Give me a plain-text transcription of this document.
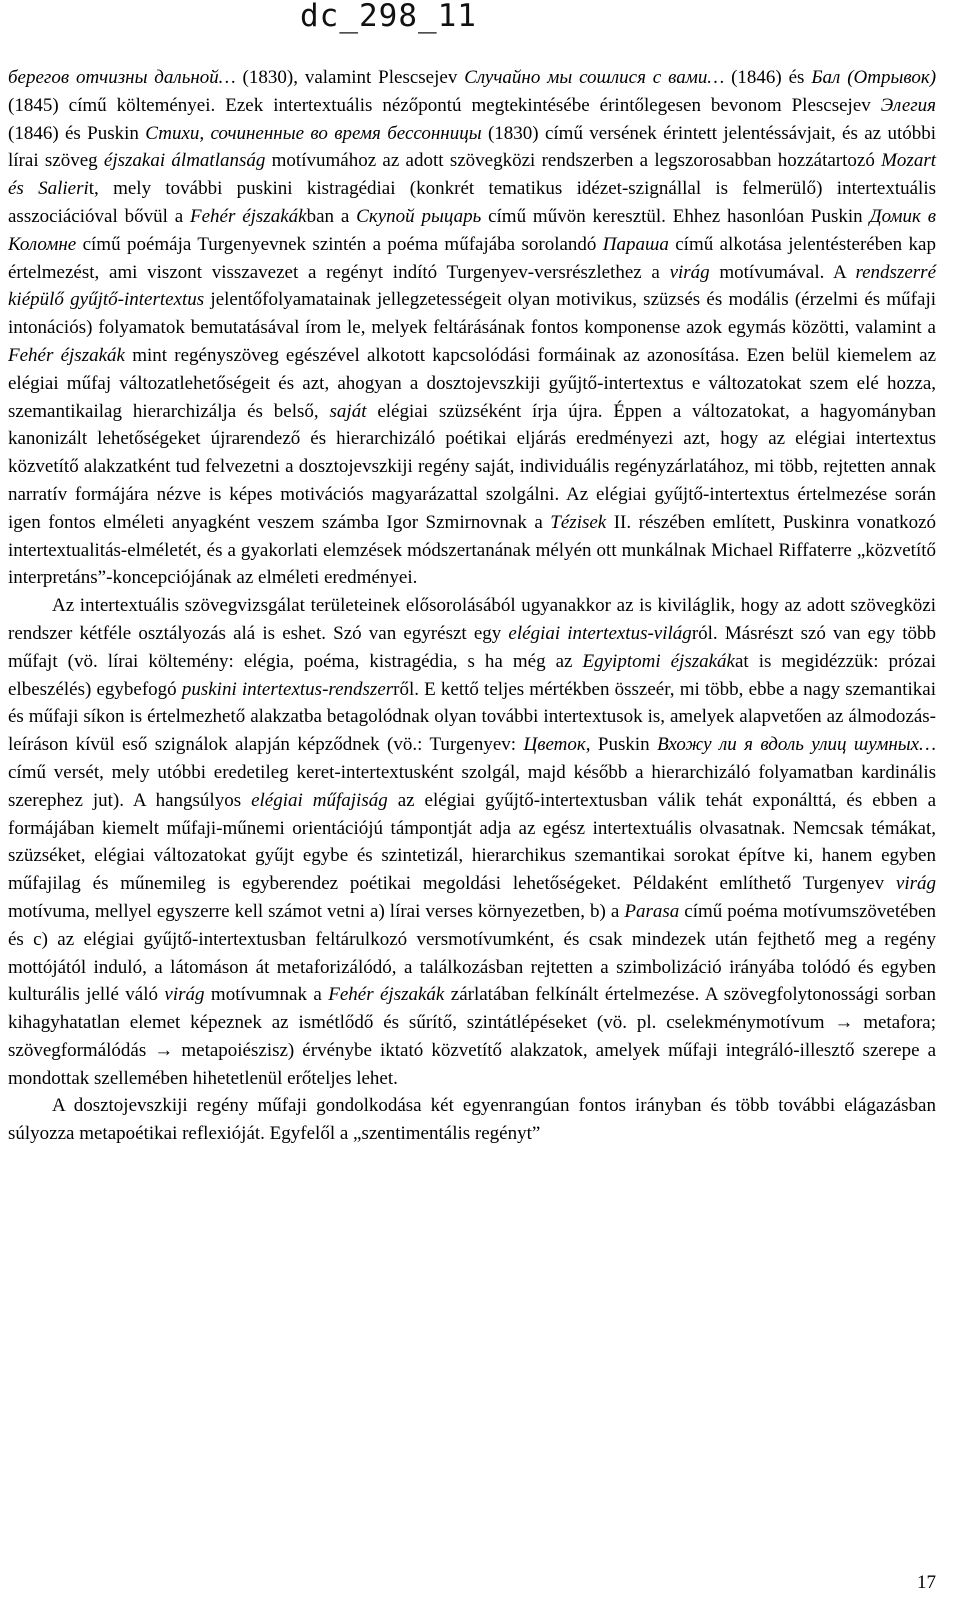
dc_298_11

берегов отчизны дальной… (1830), valamint Plescsejev Случайно мы сошлися с вами… (1846) és Бал (Отрывок) (1845) című költeményei. Ezek intertextuális nézőpontú megtekintésébe érintőlegesen bevonom Plescsejev Элегия (1846) és Puskin Стихи, сочиненные во время бессонницы (1830) című versének érintett jelentéssávjait, és az utóbbi lírai szöveg éjszakai álmatlanság motívumához az adott szövegközi rendszerben a legszorosabban hozzátartozó Mozart és Salierit, mely további puskini kistragédiai (konkrét tematikus idézet-szignállal is felmerülő) intertextuális asszociációval bővül a Fehér éjszakákban a Скупой рыцарь című művön keresztül. Ehhez hasonlóan Puskin Домик в Коломне című poémája Turgenyevnek szintén a poéma műfajába sorolandó Параша című alkotása jelentésterében kap értelmezést, ami viszont visszavezet a regényt indító Turgenyev-versrészlethez a virág motívumával. A rendszerré kiépülő gyűjtő-intertextus jelentőfolyamatainak jellegzetességeit olyan motivikus, szüzsés és modális (érzelmi és műfaji intonációs) folyamatok bemutatásával írom le, melyek feltárásának fontos komponense azok egymás közötti, valamint a Fehér éjszakák mint regényszöveg egészével alkotott kapcsolódási formáinak az azonosítása. Ezen belül kiemelem az elégiai műfaj változatlehetőségeit és azt, ahogyan a dosztojevszkiji gyűjtő-intertextus e változatokat szem elé hozza, szemantikailag hierarchizálja és belső, saját elégiai szüzséként írja újra. Éppen a változatokat, a hagyományban kanonizált lehetőségeket újrarendező és hierarchizáló poétikai eljárás eredményezi azt, hogy az elégiai intertextus közvetítő alakzatként tud felvezetni a dosztojevszkiji regény saját, individuális regényzárlatához, mi több, rejtetten annak narratív formájára nézve is képes motivációs magyarázattal szolgálni. Az elégiai gyűjtő-intertextus értelmezése során igen fontos elméleti anyagként veszem számba Igor Szmirnovnak a Tézisek II. részében említett, Puskinra vonatkozó intertextualitás-elméletét, és a gyakorlati elemzések módszertanának mélyén ott munkálnak Michael Riffaterre „közvetítő interpretáns”-koncepciójának az elméleti eredményei.

Az intertextuális szövegvizsgálat területeinek elősorolásából ugyanakkor az is kiviláglik, hogy az adott szövegközi rendszer kétféle osztályozás alá is eshet. Szó van egyrészt egy elégiai intertextus-világról. Másrészt szó van egy több műfajt (vö. lírai költemény: elégia, poéma, kistragédia, s ha még az Egyiptomi éjszakákat is megidézzük: prózai elbeszélés) egybefogó puskini intertextus-rendszerről. E kettő teljes mértékben összeér, mi több, ebbe a nagy szemantikai és műfaji síkon is értelmezhető alakzatba betagolódnak olyan további intertextusok is, amelyek alapvetően az álmodozás-leíráson kívül eső szignálok alapján képződnek (vö.: Turgenyev: Цветок, Puskin Вхожу ли я вдоль улиц шумных… című versét, mely utóbbi eredetileg keret-intertextusként szolgál, majd később a hierarchizáló folyamatban kardinális szerephez jut). A hangsúlyos elégiai műfajiság az elégiai gyűjtő-intertextusban válik tehát exponálttá, és ebben a formájában kiemelt műfaji-műnemi orientációjú támpontját adja az egész intertextuális olvasatnak. Nemcsak témákat, szüzséket, elégiai változatokat gyűjt egybe és szintetizál, hierarchikus szemantikai sorokat építve ki, hanem egyben műfajilag és műnemileg is egyberendez poétikai megoldási lehetőségeket. Példaként említhető Turgenyev virág motívuma, mellyel egyszerre kell számot vetni a) lírai verses környezetben, b) a Parasa című poéma motívumszövetében és c) az elégiai gyűjtő-intertextusban feltárulkozó versmotívumként, és csak mindezek után fejthető meg a regény mottójától induló, a látomáson át metaforizálódó, a találkozásban rejtetten a szimbolizáció irányába tolódó és egyben kulturális jellé váló virág motívumnak a Fehér éjszakák zárlatában felkínált értelmezése. A szövegfolytonossági sorban kihagyhatatlan elemet képeznek az ismétlődő és sűrítő, szintátlépéseket (vö. pl. cselekménymotívum → metafora; szövegformálódás → metapoiészisz) érvénybe iktató közvetítő alakzatok, amelyek műfaji integráló-illesztő szerepe a mondottak szellemében hihetetlenül erőteljes lehet.

A dosztojevszkiji regény műfaji gondolkodása két egyenrangúan fontos irányban és több további elágazásban súlyozza metapoétikai reflexióját. Egyfelől a „szentimentális regényt”

17
